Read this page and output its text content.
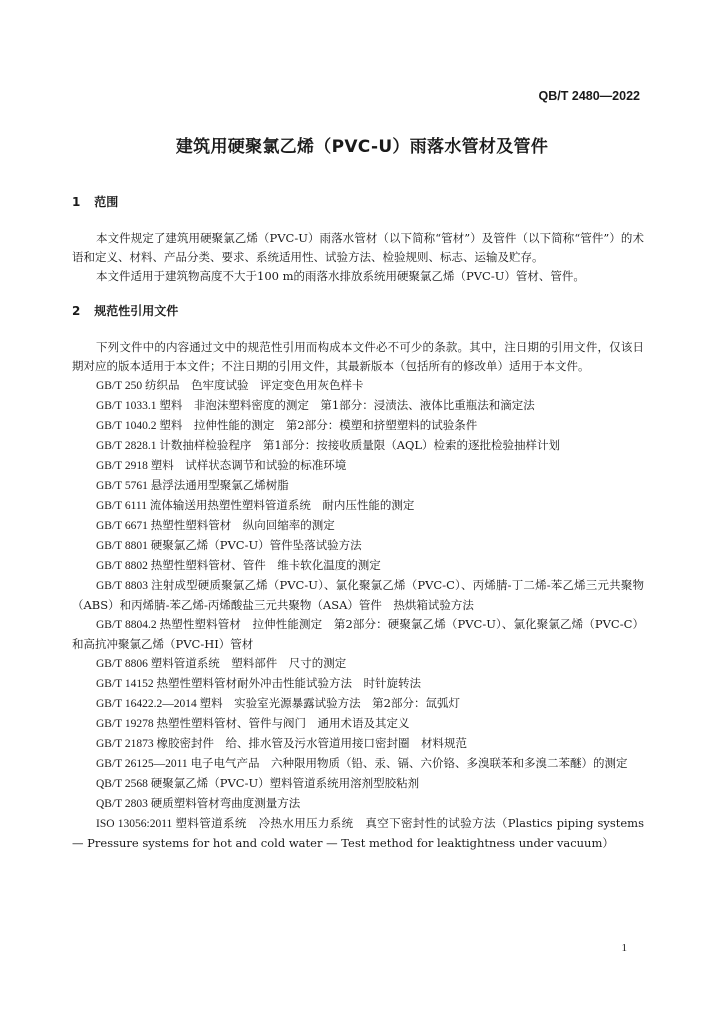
QB/T 2480—2022
建筑用硬聚氯乙烯（PVC-U）雨落水管材及管件
1 范围

本文件规定了建筑用硬聚氯乙烯（PVC-U）雨落水管材（以下简称“管材”）及管件（以下简称“管件”）的术语和定义、材料、产品分类、要求、系统适用性、试验方法、检验规则、标志、运输及贮存。

本文件适用于建筑物高度不大于100 m的雨落水排放系统用硬聚氯乙烯（PVC-U）管材、管件。

2 规范性引用文件

下列文件中的内容通过文中的规范性引用而构成本文件必不可少的条款。其中，注日期的引用文件，仅该日期对应的版本适用于本文件；不注日期的引用文件，其最新版本（包括所有的修改单）适用于本文件。

GB/T 250 纺织品　色牢度试验　评定变色用灰色样卡

GB/T 1033.1 塑料　非泡沫塑料密度的测定　第1部分：浸渍法、液体比重瓶法和滴定法

GB/T 1040.2 塑料　拉伸性能的测定　第2部分：模塑和挤塑塑料的试验条件

GB/T 2828.1 计数抽样检验程序　第1部分：按接收质量限（AQL）检索的逐批检验抽样计划

GB/T 2918 塑料　试样状态调节和试验的标准环境

GB/T 5761 悬浮法通用型聚氯乙烯树脂

GB/T 6111 流体输送用热塑性塑料管道系统　耐内压性能的测定

GB/T 6671 热塑性塑料管材　纵向回缩率的测定

GB/T 8801 硬聚氯乙烯（PVC-U）管件坠落试验方法

GB/T 8802 热塑性塑料管材、管件　维卡软化温度的测定

GB/T 8803 注射成型硬质聚氯乙烯（PVC-U）、氯化聚氯乙烯（PVC-C）、丙烯腈-丁二烯-苯乙烯三元共聚物（ABS）和丙烯腈-苯乙烯-丙烯酸盐三元共聚物（ASA）管件　热烘箱试验方法

GB/T 8804.2 热塑性塑料管材　拉伸性能测定　第2部分：硬聚氯乙烯（PVC-U）、氯化聚氯乙烯（PVC-C）和高抗冲聚氯乙烯（PVC-HI）管材

GB/T 8806 塑料管道系统　塑料部件　尺寸的测定

GB/T 14152 热塑性塑料管材耐外冲击性能试验方法　时针旋转法

GB/T 16422.2—2014 塑料　实验室光源暴露试验方法　第2部分：氙弧灯

GB/T 19278 热塑性塑料管材、管件与阀门　通用术语及其定义

GB/T 21873 橡胶密封件　给、排水管及污水管道用接口密封圈　材料规范

GB/T 26125—2011 电子电气产品　六种限用物质（铅、汞、镉、六价铬、多溴联苯和多溴二苯醚）的测定

QB/T 2568 硬聚氯乙烯（PVC-U）塑料管道系统用溶剂型胶粘剂

QB/T 2803 硬质塑料管材弯曲度测量方法

ISO 13056:2011 塑料管道系统　冷热水用压力系统　真空下密封性的试验方法（Plastics piping systems — Pressure systems for hot and cold water — Test method for leaktightness under vacuum）

1
